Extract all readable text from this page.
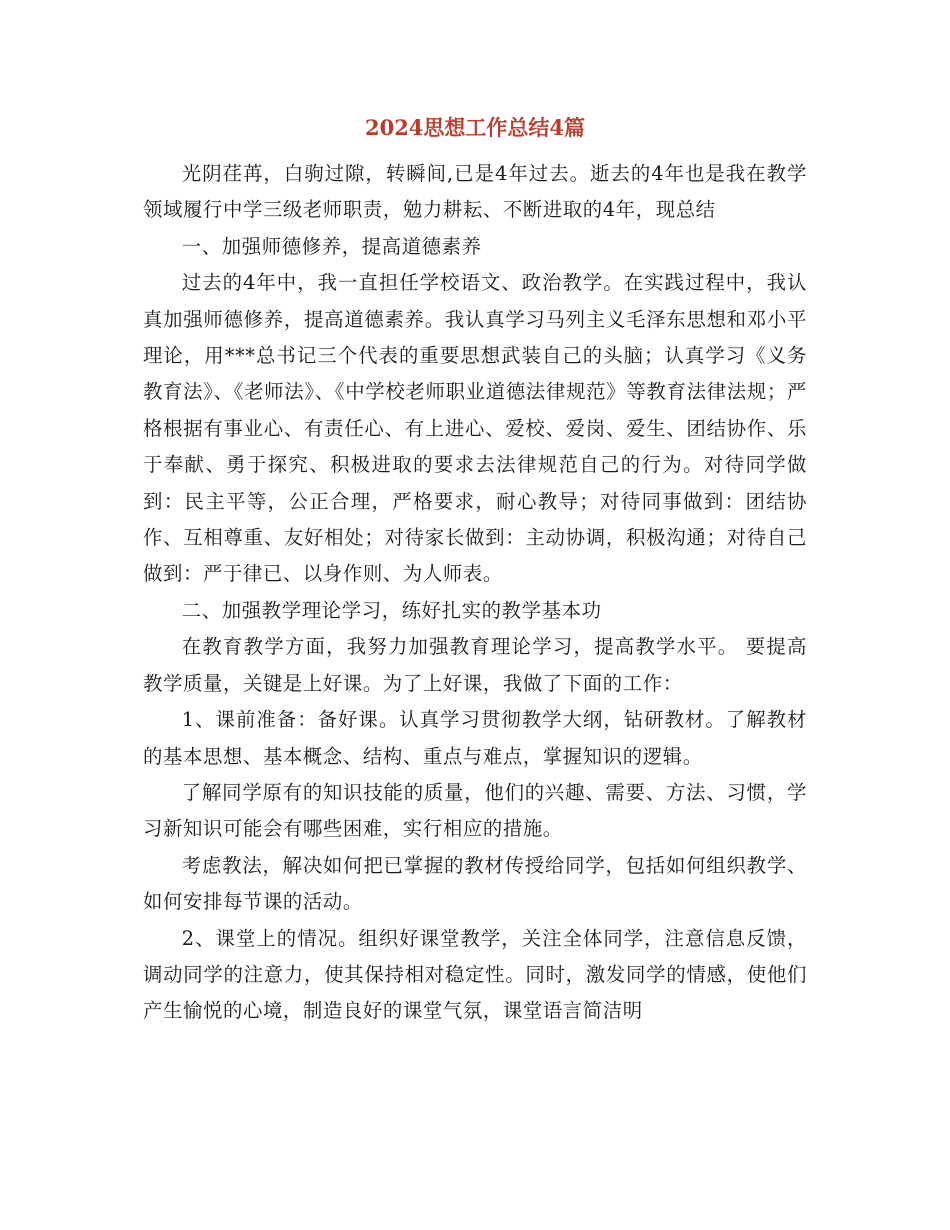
2024思想工作总结4篇

光阴荏苒，白驹过隙，转瞬间,已是4年过去。逝去的4年也是我在教学领域履行中学三级老师职责，勉力耕耘、不断进取的4年，现总结

一、加强师德修养，提高道德素养

过去的4年中，我一直担任学校语文、政治教学。在实践过程中，我认真加强师德修养，提高道德素养。我认真学习马列主义毛泽东思想和邓小平理论，用***总书记三个代表的重要思想武装自己的头脑；认真学习《义务教育法》、《老师法》、《中学校老师职业道德法律规范》等教育法律法规；严格根据有事业心、有责任心、有上进心、爱校、爱岗、爱生、团结协作、乐于奉献、勇于探究、积极进取的要求去法律规范自己的行为。对待同学做到：民主平等，公正合理，严格要求，耐心教导；对待同事做到：团结协作、互相尊重、友好相处；对待家长做到：主动协调，积极沟通；对待自己做到：严于律已、以身作则、为人师表。

二、加强教学理论学习，练好扎实的教学基本功

在教育教学方面，我努力加强教育理论学习，提高教学水平。 要提高教学质量，关键是上好课。为了上好课，我做了下面的工作：

1、课前准备：备好课。认真学习贯彻教学大纲，钻研教材。了解教材的基本思想、基本概念、结构、重点与难点，掌握知识的逻辑。

了解同学原有的知识技能的质量，他们的兴趣、需要、方法、习惯，学习新知识可能会有哪些困难，实行相应的措施。

考虑教法，解决如何把已掌握的教材传授给同学，包括如何组织教学、如何安排每节课的活动。

2、课堂上的情况。组织好课堂教学，关注全体同学，注意信息反馈，调动同学的注意力，使其保持相对稳定性。同时，激发同学的情感，使他们产生愉悦的心境，制造良好的课堂气氛，课堂语言简洁明
